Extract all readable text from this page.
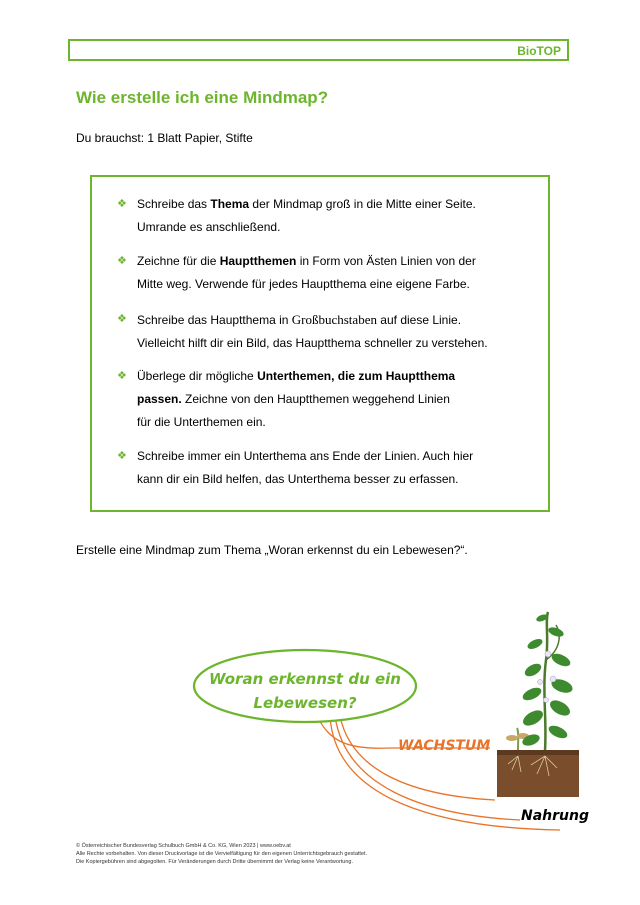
BioTOP
Wie erstelle ich eine Mindmap?

Du brauchst: 1 Blatt Papier, Stifte

❖ Schreibe das Thema der Mindmap groß in die Mitte einer Seite.
Umrande es anschließend.
❖ Zeichne für die Hauptthemen in Form von Ästen Linien von der
Mitte weg. Verwende für jedes Hauptthema eine eigene Farbe.
❖ Schreibe das Hauptthema in Großbuchstaben auf diese Linie.
Vielleicht hilft dir ein Bild, das Hauptthema schneller zu verstehen.
❖ Überlege dir mögliche Unterthemen, die zum Hauptthema
passen. Zeichne von den Hauptthemen weggehend Linien
für die Unterthemen ein.
❖ Schreibe immer ein Unterthema ans Ende der Linien. Auch hier
kann dir ein Bild helfen, das Unterthema besser zu erfassen.

Erstelle eine Mindmap zum Thema „Woran erkennst du ein Lebewesen?“.

Woran erkennst du ein
Lebewesen?
WACHSTUM
Nahrung
© Österreichischer Bundesverlag Schulbuch GmbH & Co. KG, Wien 2023 | www.oebv.at
Alle Rechte vorbehalten. Von dieser Druckvorlage ist die Vervielfältigung für den eigenen Unterrichtsgebrauch gestattet.
Die Kopiergebühren sind abgegolten. Für Veränderungen durch Dritte übernimmt der Verlag keine Verantwortung.
